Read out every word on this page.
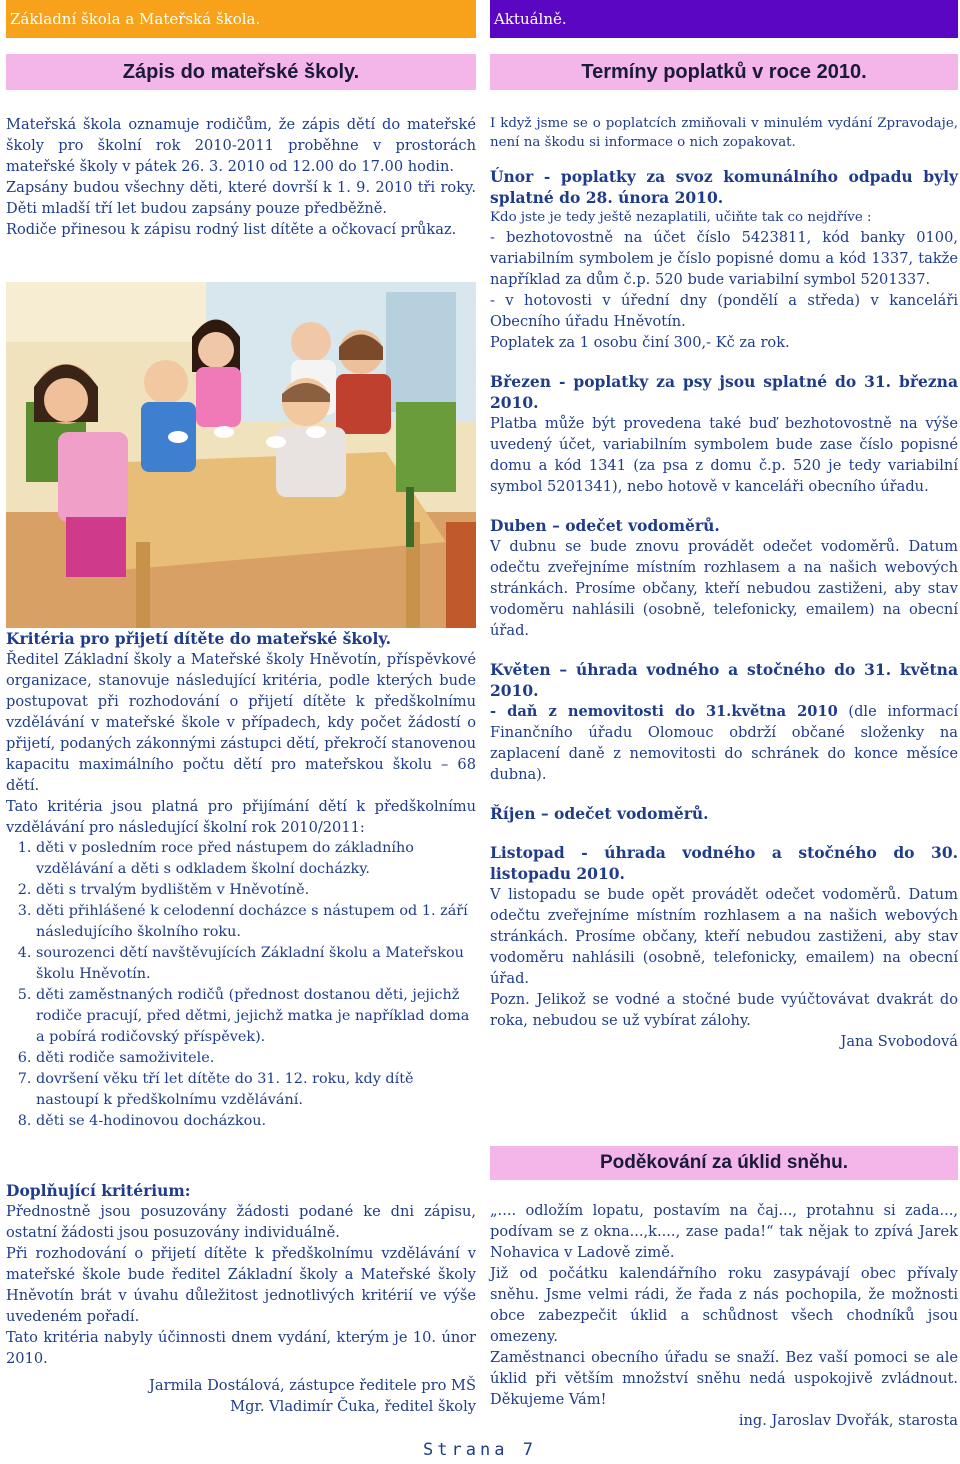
Základní škola a Mateřská škola.
Zápis do mateřské školy.

Mateřská škola oznamuje rodičům, že zápis dětí do mateřské školy pro školní rok 2010-2011 proběhne v prostorách mateřské školy v pátek 26. 3. 2010 od 12.00 do 17.00 hodin.

Zapsány budou všechny děti, které dovrší k 1. 9. 2010 tři roky. Děti mladší tří let budou zapsány pouze předběžně.

Rodiče přinesou k zápisu rodný list dítěte a očkovací průkaz.

Kritéria pro přijetí dítěte do mateřské školy.

Ředitel Základní školy a Mateřské školy Hněvotín, příspěvkové organizace, stanovuje následující kritéria, podle kterých bude postupovat při rozhodování o přijetí dítěte k předškolnímu vzdělávání v mateřské škole v případech, kdy počet žádostí o přijetí, podaných zákonnými zástupci dětí, překročí stanovenou kapacitu maximálního počtu dětí pro mateřskou školu – 68 dětí.

Tato kritéria jsou platná pro přijímání dětí k předškolnímu vzdělávání pro následující školní rok 2010/2011:

1. děti v posledním roce před nástupem do základního vzdělávání a děti s odkladem školní docházky.
2. děti s trvalým bydlištěm v Hněvotíně.
3. děti přihlášené k celodenní docházce s nástupem od 1. září následujícího školního roku.
4. sourozenci dětí navštěvujících Základní školu a Mateřskou školu Hněvotín.
5. děti zaměstnaných rodičů (přednost dostanou děti, jejichž rodiče pracují, před dětmi, jejichž matka je například doma a pobírá rodičovský příspěvek).
6. děti rodiče samoživitele.
7. dovršení věku tří let dítěte do 31. 12. roku, kdy dítě nastoupí k předškolnímu vzdělávání.
8. děti se 4-hodinovou docházkou.

Doplňující kritérium:

Přednostně jsou posuzovány žádosti podané ke dni zápisu, ostatní žádosti jsou posuzovány individuálně.

Při rozhodování o přijetí dítěte k předškolnímu vzdělávání v mateřské škole bude ředitel Základní školy a Mateřské školy Hněvotín brát v úvahu důležitost jednotlivých kritérií ve výše uvedeném pořadí.

Tato kritéria nabyly účinnosti dnem vydání, kterým je 10. únor 2010.

Jarmila Dostálová, zástupce ředitele pro MŠ

Mgr. Vladimír Čuka, ředitel školy

Aktuálně.
Termíny poplatků v roce 2010.

I když jsme se o poplatcích zmiňovali v minulém vydání Zpravodaje, není na škodu si informace o nich zopakovat.

Únor - poplatky za svoz komunálního odpadu byly splatné do 28. února 2010.

Kdo jste je tedy ještě nezaplatili, učiňte tak co nejdříve :

- bezhotovostně na účet číslo 5423811, kód banky 0100, variabilním symbolem je číslo popisné domu a kód 1337, takže například za dům č.p. 520 bude variabilní symbol 5201337.

- v hotovosti v úřední dny (pondělí a středa) v kanceláři Obecního úřadu Hněvotín.

Poplatek za 1 osobu činí 300,- Kč za rok.

Březen - poplatky za psy jsou splatné do 31. března 2010.

Platba může být provedena také buď bezhotovostně na výše uvedený účet, variabilním symbolem bude zase číslo popisné domu a kód 1341 (za psa z domu č.p. 520 je tedy variabilní symbol 5201341), nebo hotově v kanceláři obecního úřadu.

Duben – odečet vodoměrů.

V dubnu se bude znovu provádět odečet vodoměrů. Datum odečtu zveřejníme místním rozhlasem a na našich webových stránkách. Prosíme občany, kteří nebudou zastiženi, aby stav vodoměru nahlásili (osobně, telefonicky, emailem) na obecní úřad.

Květen – úhrada vodného a stočného do 31. května 2010.

- daň z nemovitosti do 31.května 2010 (dle informací Finančního úřadu Olomouc obdrží občané složenky na zaplacení daně z nemovitosti do schránek do konce měsíce dubna).

Říjen – odečet vodoměrů.

Listopad - úhrada vodného a stočného do 30. listopadu 2010.

V listopadu se bude opět provádět odečet vodoměrů. Datum odečtu zveřejníme místním rozhlasem a na našich webových stránkách. Prosíme občany, kteří nebudou zastiženi, aby stav vodoměru nahlásili (osobně, telefonicky, emailem) na obecní úřad.

Pozn. Jelikož se vodné a stočné bude vyúčtovávat dvakrát do roka, nebudou se už vybírat zálohy.

Jana Svobodová

Poděkování za úklid sněhu.

„.... odložím lopatu, postavím na čaj..., protahnu si zada..., podívam se z okna...,k...., zase pada!“ tak nějak to zpívá Jarek Nohavica v Ladově zimě.

Již od počátku kalendářního roku zasypávají obec přívaly sněhu. Jsme velmi rádi, že řada z nás pochopila, že možnosti obce zabezpečit úklid a schůdnost všech chodníků jsou omezeny.

Zaměstnanci obecního úřadu se snaží. Bez vaší pomoci se ale úklid při větším množství sněhu nedá uspokojivě zvládnout. Děkujeme Vám!

ing. Jaroslav Dvořák, starosta

Strana 7
